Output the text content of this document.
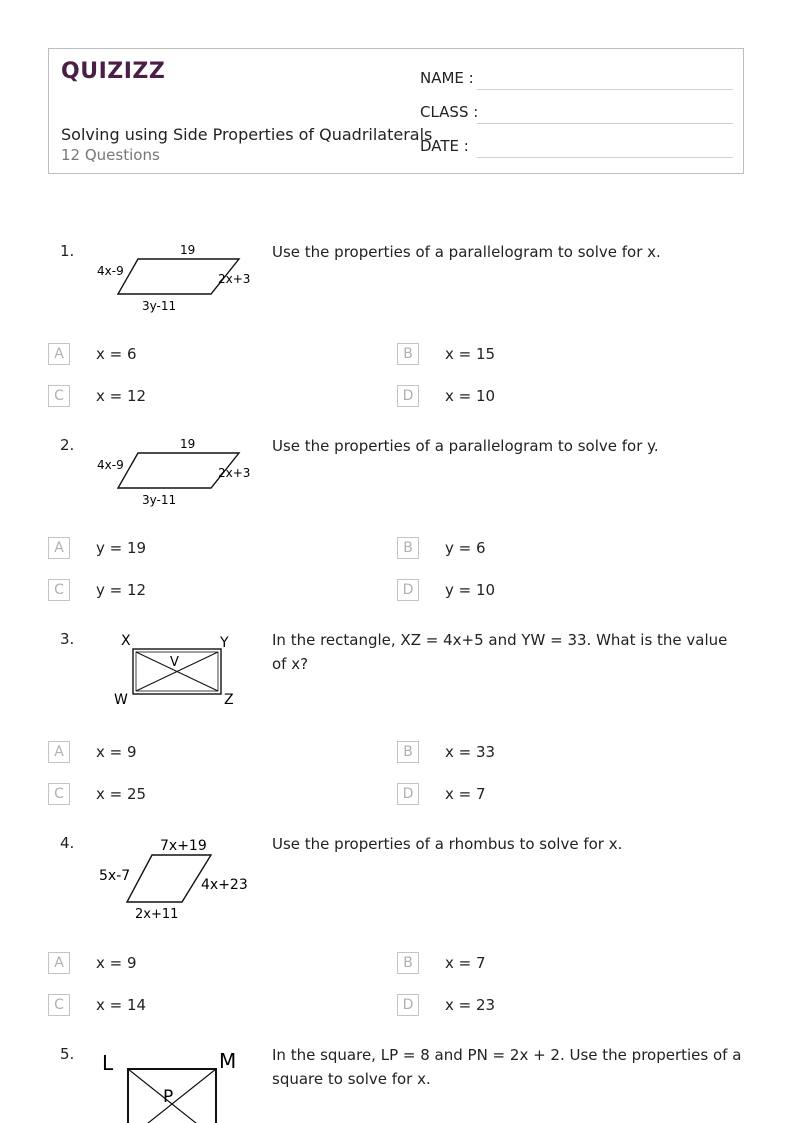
QUIZIZZ
Solving using Side Properties of Quadrilaterals
12 Questions
NAME :
CLASS :
DATE :
1.	19
4x-9
2x+3
3y-11
Use the properties of a parallelogram to solve for x.
A	x = 6	B	x = 15
C	x = 12	D	x = 10
2.	19
4x-9
2x+3
3y-11
Use the properties of a parallelogram to solve for y.
A	y = 19	B	y = 6
C	y = 12	D	y = 10
3.	X	Y
W	Z
V
In the rectangle, XZ = 4x+5 and YW = 33. What is the value of x?
A	x = 9	B	x = 33
C	x = 25	D	x = 7
4.	7x+19
5x-7
4x+23
2x+11
Use the properties of a rhombus to solve for x.
A	x = 9	B	x = 7
C	x = 14	D	x = 23
5. L	M
P
In the square, LP = 8 and PN = 2x + 2. Use the properties of a square to solve for x.
